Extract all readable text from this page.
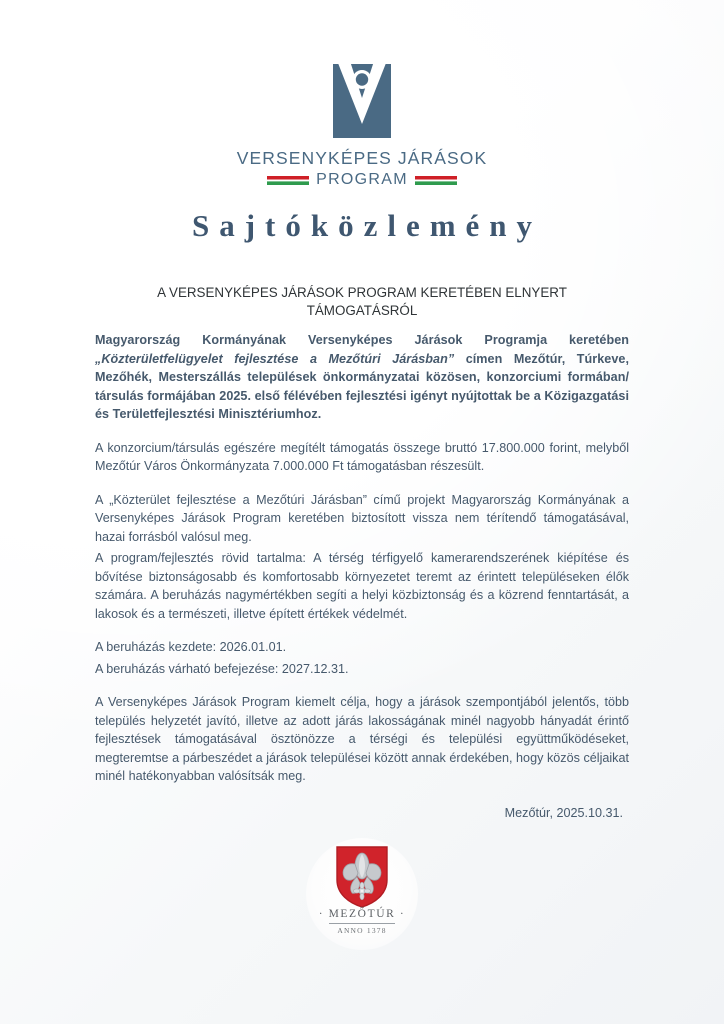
VERSENYKÉPES JÁRÁSOK
PROGRAM
Sajtóközlemény
A VERSENYKÉPES JÁRÁSOK PROGRAM KERETÉBEN ELNYERT TÁMOGATÁSRÓL

Magyarország Kormányának Versenyképes Járások Programja keretében „Közterületfelügyelet fejlesztése a Mezőtúri Járásban” címen Mezőtúr, Túrkeve, Mezőhék, Mesterszállás települések önkormányzatai közösen, konzorciumi formában/ társulás formájában 2025. első félévében fejlesztési igényt nyújtottak be a Közigazgatási és Területfejlesztési Minisztériumhoz.

A konzorcium/társulás egészére megítélt támogatás összege bruttó 17.800.000 forint, melyből Mezőtúr Város Önkormányzata 7.000.000 Ft támogatásban részesült.

A „Közterület fejlesztése a Mezőtúri Járásban” című projekt Magyarország Kormányának a Versenyképes Járások Program keretében biztosított vissza nem térítendő támogatásával, hazai forrásból valósul meg.

A program/fejlesztés rövid tartalma: A térség térfigyelő kamerarendszerének kiépítése és bővítése biztonságosabb és komfortosabb környezetet teremt az érintett településeken élők számára. A beruházás nagymértékben segíti a helyi közbiztonság és a közrend fenntartását, a lakosok és a természeti, illetve épített értékek védelmét.

A beruházás kezdete: 2026.01.01.

A beruházás várható befejezése: 2027.12.31.

A Versenyképes Járások Program kiemelt célja, hogy a járások szempontjából jelentős, több település helyzetét javító, illetve az adott járás lakosságának minél nagyobb hányadát érintő fejlesztések támogatásával ösztönözze a térségi és települési együttműködéseket, megteremtse a párbeszédet a járások települései között annak érdekében, hogy közös céljaikat minél hatékonyabban valósítsák meg.

Mezőtúr, 2025.10.31.
· MEZŐTÚR ·
ANNO 1378
